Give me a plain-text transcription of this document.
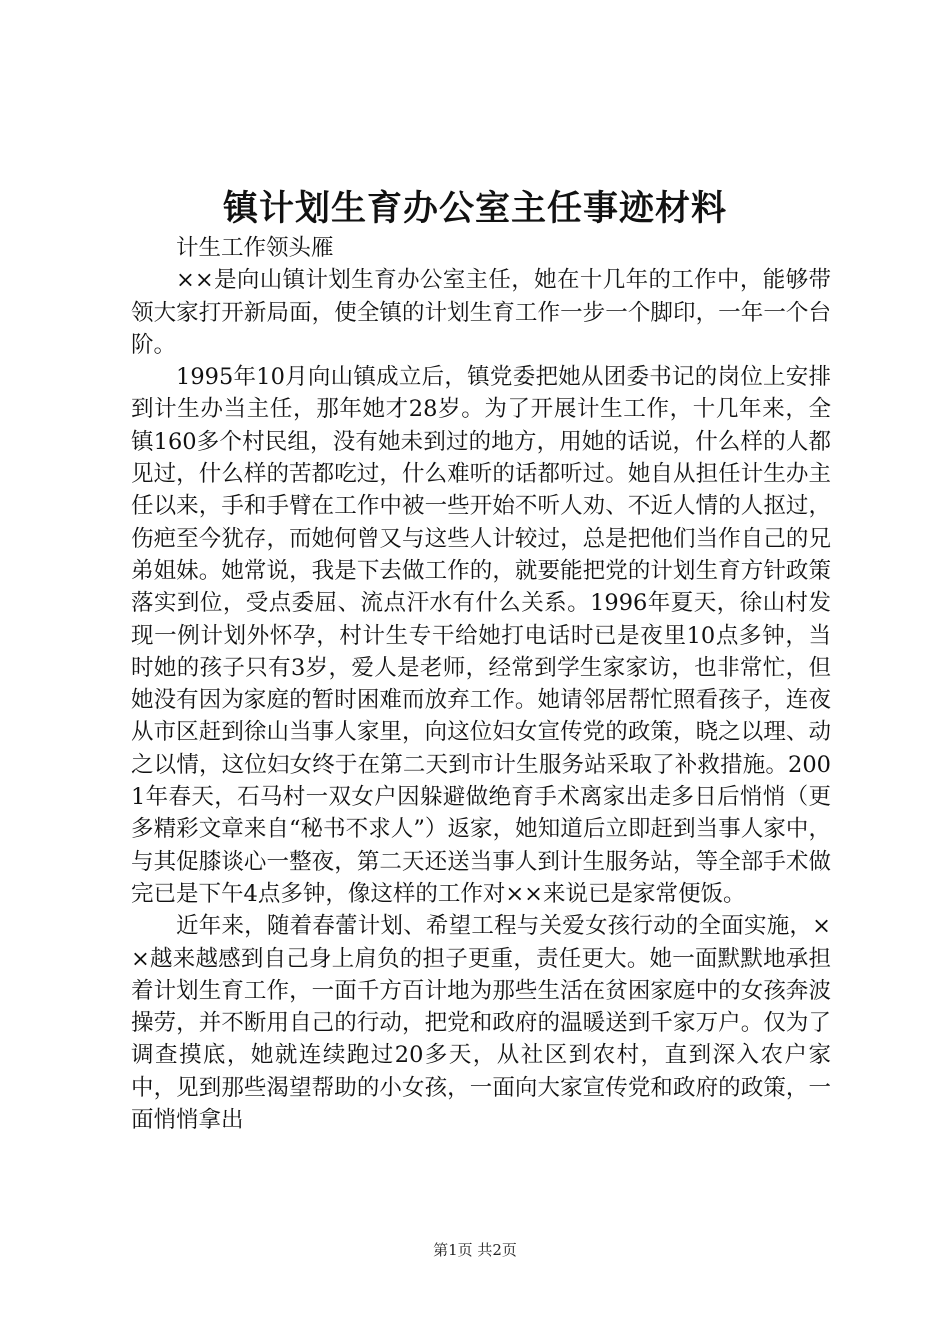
镇计划生育办公室主任事迹材料

计生工作领头雁

××是向山镇计划生育办公室主任，她在十几年的工作中，能够带领大家打开新局面，使全镇的计划生育工作一步一个脚印，一年一个台阶。

1995年10月向山镇成立后，镇党委把她从团委书记的岗位上安排到计生办当主任，那年她才28岁。为了开展计生工作，十几年来，全镇160多个村民组，没有她未到过的地方，用她的话说，什么样的人都见过，什么样的苦都吃过，什么难听的话都听过。她自从担任计生办主任以来，手和手臂在工作中被一些开始不听人劝、不近人情的人抠过，伤疤至今犹存，而她何曾又与这些人计较过，总是把他们当作自己的兄弟姐妹。她常说，我是下去做工作的，就要能把党的计划生育方针政策落实到位，受点委屈、流点汗水有什么关系。1996年夏天，徐山村发现一例计划外怀孕，村计生专干给她打电话时已是夜里10点多钟，当时她的孩子只有3岁，爱人是老师，经常到学生家家访，也非常忙，但她没有因为家庭的暂时困难而放弃工作。她请邻居帮忙照看孩子，连夜从市区赶到徐山当事人家里，向这位妇女宣传党的政策，晓之以理、动之以情，这位妇女终于在第二天到市计生服务站采取了补救措施。2001年春天，石马村一双女户因躲避做绝育手术离家出走多日后悄悄（更多精彩文章来自“秘书不求人”）返家，她知道后立即赶到当事人家中，与其促膝谈心一整夜，第二天还送当事人到计生服务站，等全部手术做完已是下午4点多钟，像这样的工作对××来说已是家常便饭。

近年来，随着春蕾计划、希望工程与关爱女孩行动的全面实施，××越来越感到自己身上肩负的担子更重，责任更大。她一面默默地承担着计划生育工作，一面千方百计地为那些生活在贫困家庭中的女孩奔波操劳，并不断用自己的行动，把党和政府的温暖送到千家万户。仅为了调查摸底，她就连续跑过20多天，从社区到农村，直到深入农户家中，见到那些渴望帮助的小女孩，一面向大家宣传党和政府的政策，一面悄悄拿出

第1页 共2页
